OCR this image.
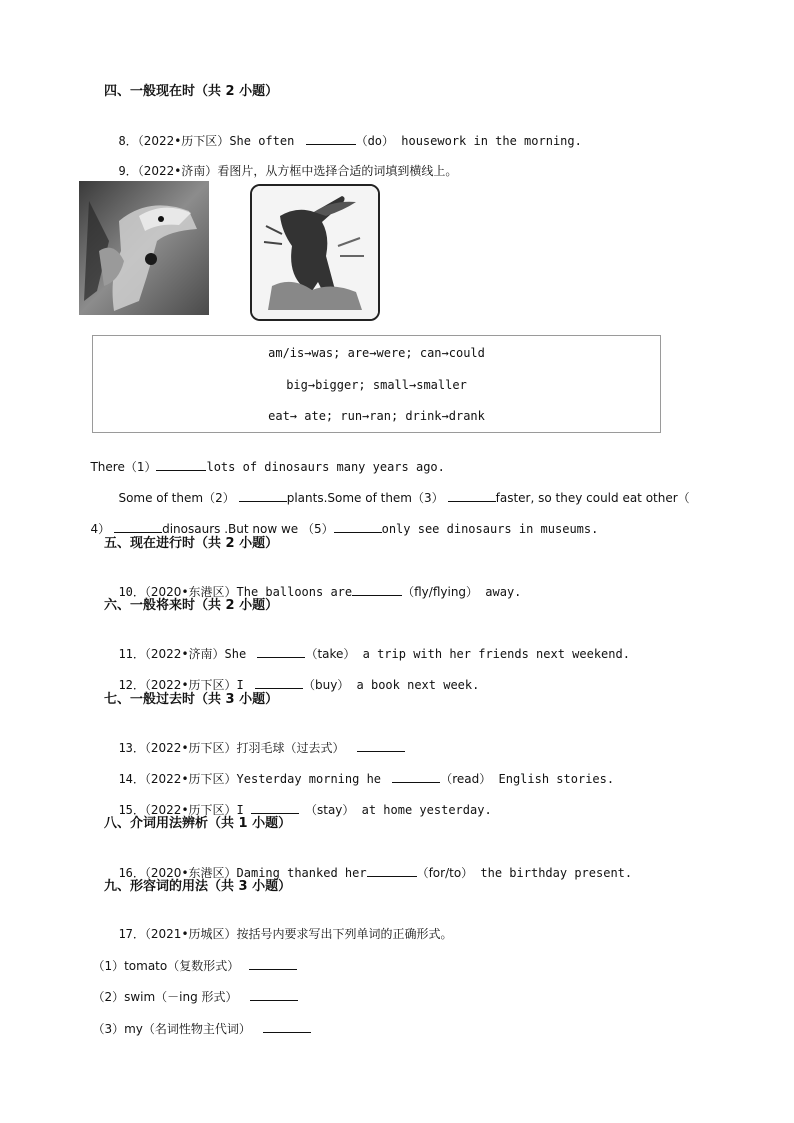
四、一般现在时（共 2 小题）

8．（2022•历下区）She often	（do） housework in the morning.

9．（2022•济南）看图片，从方框中选择合适的词填到横线上。

am/is→was; are→were; can→could
big→bigger; small→smaller
eat→ ate; run→ran; drink→drank

There（1）	lots of dinosaurs many years ago.

Some of them（2）	plants.Some of them（3）	faster, so they could eat other（

4）	dinosaurs .But now we （5）	only see dinosaurs in museums.

五、现在进行时（共 2 小题）

10．（2020•东港区）The balloons are	（fly/flying） away.

六、一般将来时（共 2 小题）

11．（2022•济南）She	（take） a trip with her friends next weekend.

12．（2022•历下区）I	（buy） a book next week.

七、一般过去时（共 3 小题）

13．（2022•历下区）打羽毛球（过去式）

14．（2022•历下区）Yesterday morning he	（read） English stories.

15．（2022•历下区）I	（stay） at home yesterday.

八、介词用法辨析（共 1 小题）

16．（2020•东港区）Daming thanked her	（for/to） the birthday present.

九、形容词的用法（共 3 小题）

17．（2021•历城区）按括号内要求写出下列单词的正确形式。

（1）tomato（复数形式）

（2）swim（－ing 形式）

（3）my（名词性物主代词）
